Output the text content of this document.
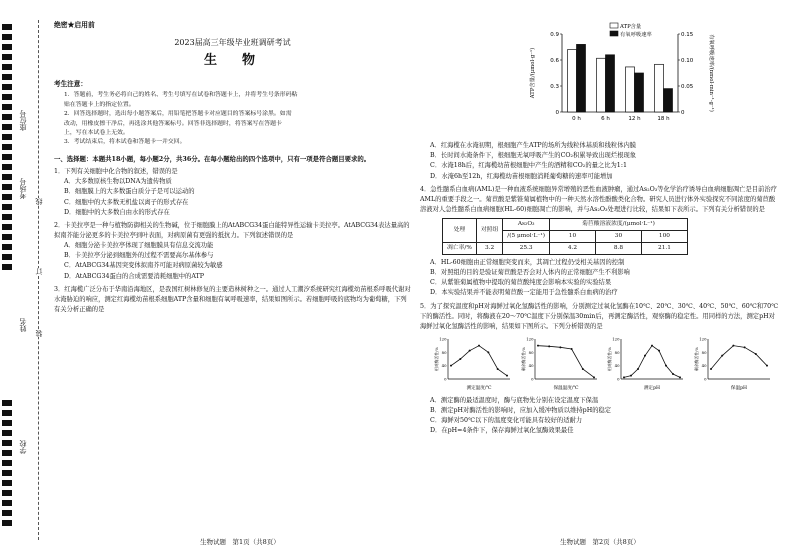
学校
姓名
考场号
座位号
线
订
装
绝密★启用前
2023届高三年级毕业班调研考试
生　物
考生注意：

1．答题前，考生务必将自己的姓名、考生号填写在试卷和答题卡上，并将考生号条形码粘

贴在答题卡上的指定位置。

2．回答选择题时，选出每小题答案后，用铅笔把答题卡对应题目的答案标号涂黑。如需

改动，用橡皮擦干净后，再选涂其他答案标号。回答非选择题时，将答案写在答题卡

上，写在本试卷上无效。

3．考试结束后，将本试卷和答题卡一并交回。

一、选择题：本题共18小题，每小题2分，共36分。在每小题给出的四个选项中，只有一项是符合题目要求的。
1．下列有关细胞中化合物的叙述，错误的是
A．大多数原核生物以DNA为遗传物质
B．细胞膜上的大多数蛋白质分子是可以运动的
C．细胞中的大多数无机盐以离子的形式存在
D．细胞中的大多数自由水的形式存在
2．卡美拉亭是一种与植物防御相关的生物碱，位于细胞膜上的AtABCG34蛋白能特异性运输卡美拉亭。AtABCG34表达量高的拟南芥能分泌更多的卡美拉亭到叶表面，对病原菌有更强的抵抗力。下列叙述错误的是
A．细胞分泌卡美拉亭体现了细胞膜具有信息交流功能
B．卡美拉亭分泌到细胞外的过程不需要高尔基体参与
C．AtABCG34基因突变体拟南芥可能对病原菌较为敏感
D．AtABCG34蛋白的合成需要消耗细胞中的ATP
3．红海榄广泛分布于华南沿海地区，是我国红树林修复的主要造林树种之一。通过人工潮汐系统研究红海榄幼苗根系呼吸代谢对水淹胁迫的响应，测定红海榄幼苗根系细胞ATP含量和细胞有氧呼吸速率，结果如图所示。若细胞呼吸的底物均为葡萄糖，下列有关分析正确的是
生物试题　第1页（共8页）
0
0.3
0.6
0.9
0
0.05
0.10
0.15
0 h	6 h	12 h	18 h
ATP含量
有氧呼吸速率
ATP含量/(μmol·g⁻¹)	有氧呼吸速率/(nmol·min⁻¹·g⁻¹)
A．红海榄在水淹初期，根细胞产生ATP的场所为线粒体基质和线粒体内膜
B．长时间水淹条件下，根细胞无氧呼吸产生的CO₂积累导致出现烂根现象
C．水淹18h后，红海榄幼苗根细胞中产生的酒精和CO₂的量之比为1:1
D．水淹6h至12h，红海榄幼苗根细胞消耗葡萄糖的速率可能增加
4．急性髓系白血病(AML)是一种血液系统细胞异常增殖的恶性血液肿瘤，通过As₂O₃等化学治疗诱导白血病细胞凋亡是目前治疗AML的重要手段之一。菊苣酸是紫锥菊属植物中的一种天然水溶性酚酸类化合物。研究人员进行体外实验探究不同浓度的菊苣酸溶液对人急性髓系白血病细胞(HL-60)细胞凋亡的影响，并与As₂O₃处理进行比较，结果如下表所示。下列有关分析错误的是
处理	对照组	As₂O₃	菊苣酸溶液浓度/(μmol·L⁻¹)		
		/(5 μmol·L⁻¹)	10	30	100
凋亡率/%	3.2	25.3	4.2	8.8	21.1
A．HL-60细胞由正常细胞突变而来，其凋亡过程仍受相关基因的控制
B．对照组的目的是验证菊苣酸是否会对人体内的正常细胞产生不利影响
C．从紫锥菊属植物中提取的菊苣酸纯度会影响本实验的实验结果
D．本实验结果并不能表明菊苣酸一定能用于急性髓系白血病的治疗
5．为了探究温度和pH对海鲜过氧化氢酶活性的影响，分别测定过氧化氢酶在10℃、20℃、30℃、40℃、50℃、60℃和70℃下的酶活性。同时，将酶液在20～70℃温度下分别保温30min后，再测定酶活性，观察酶的稳定性。用同样的方法，测定pH对海鲜过氧化氢酶活性的影响，结果如下图所示。下列分析错误的是
0
40
80
120
测定温度/℃
相对酶活性/%
0
40
80
120
保温温度/℃
剩余酶活性/%
0
40
80
120
测定pH
相对酶活性/%
0
40
80
120
保温pH
剩余酶活性/%
A．测定酶的最适温度时，酶与底物先分别在设定温度下保温
B．测定pH对酶活性的影响时，应加入缓冲物质以维持pH的稳定
C．海鲜对50℃以下的温度变化可能具有较好的适耐力
D．在pH=4条件下，保存海鲜过氧化氢酶效果最佳
生物试题　第2页（共8页）
